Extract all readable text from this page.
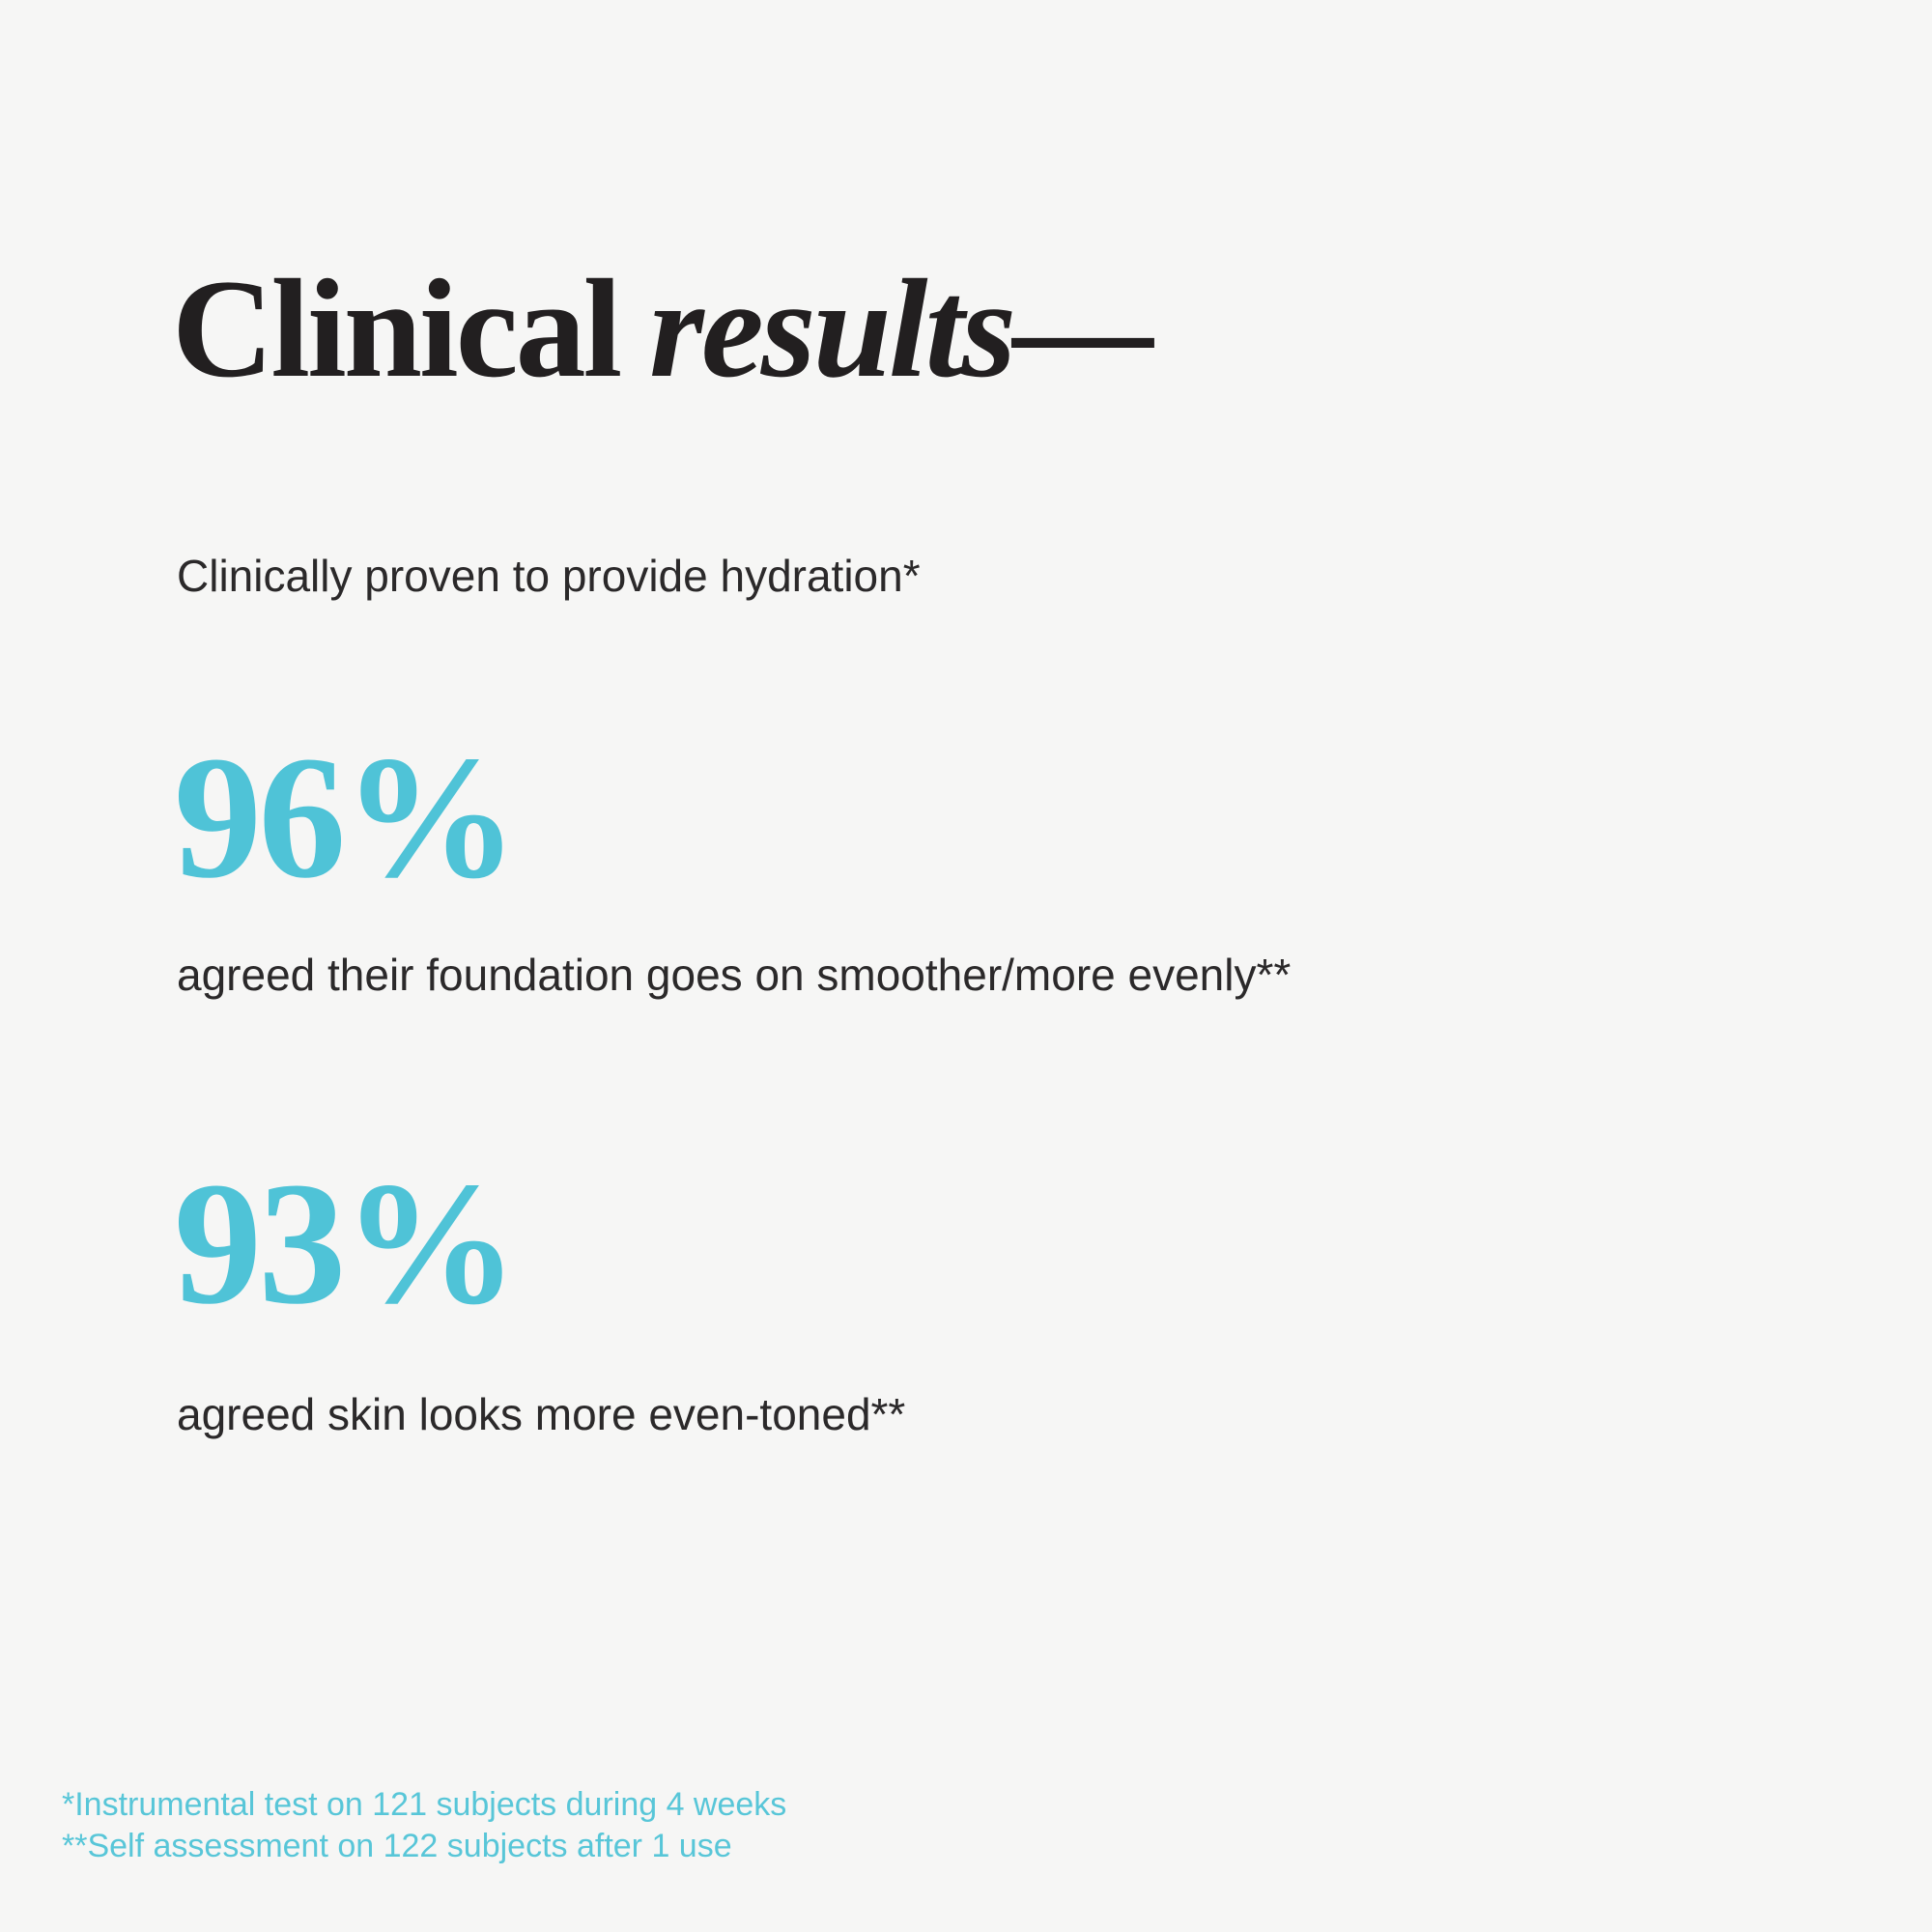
Clinical results—
Clinically proven to provide hydration*
96%
agreed their foundation goes on smoother/more evenly**
93%
agreed skin looks more even-toned**
*Instrumental test on 121 subjects during 4 weeks
**Self assessment on 122 subjects after 1 use
